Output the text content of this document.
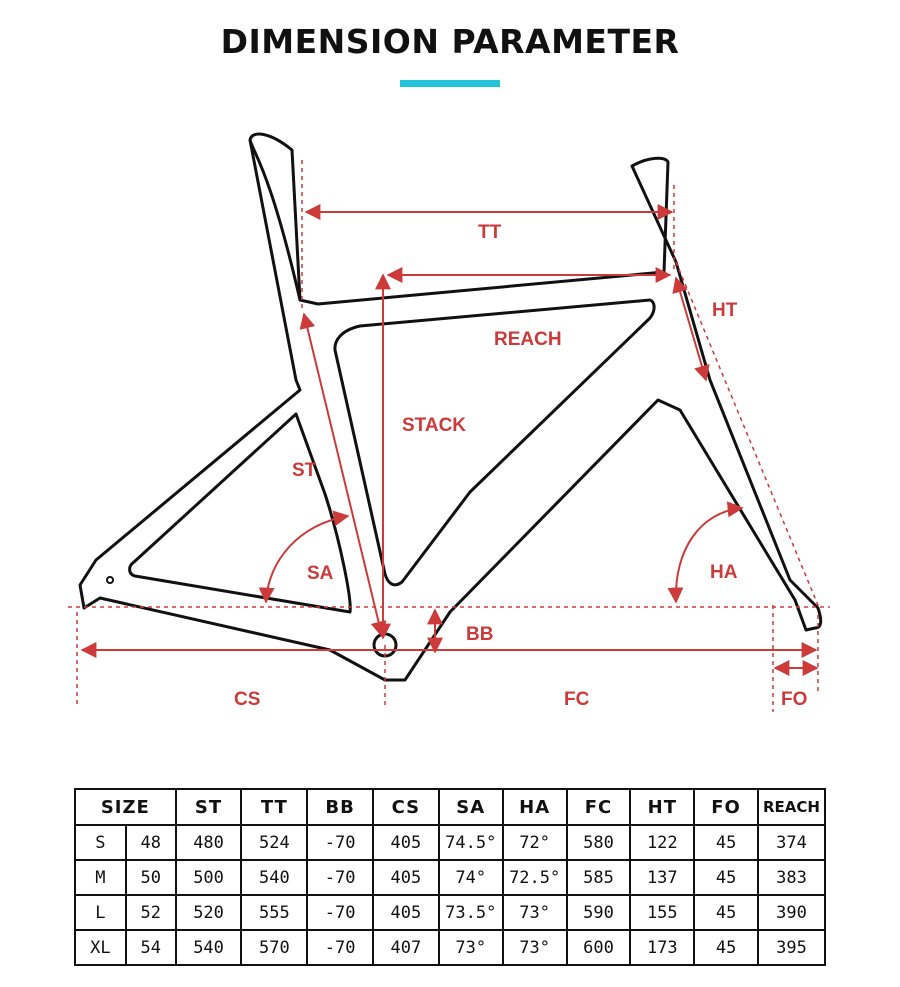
DIMENSION PARAMETER
TT
HT
REACH
STACK
ST
SA	HA
BB
CS	FC	FO
SIZE		ST	TT	BB	CS	SA	HA	FC	HT	FO	REACH
S	48	480	524	-70	405	74.5°	72°	580	122	45	374
M	50	500	540	-70	405	74°	72.5°	585	137	45	383
L	52	520	555	-70	405	73.5°	73°	590	155	45	390
XL	54	540	570	-70	407	73°	73°	600	173	45	395
